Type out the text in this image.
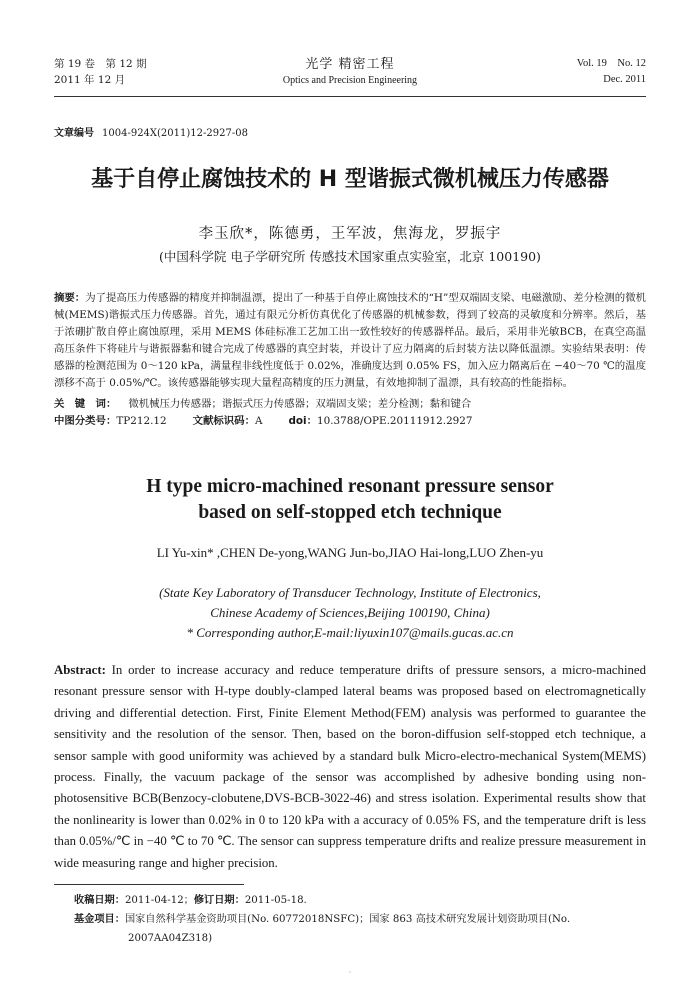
第 19 卷　第 12 期
2011 年 12 月
光学 精密工程
Optics and Precision Engineering
Vol. 19　No. 12
Dec. 2011
文章编号 1004-924X(2011)12-2927-08
基于自停止腐蚀技术的 H 型谐振式微机械压力传感器
李玉欣*，陈德勇，王军波，焦海龙，罗振宇
(中国科学院 电子学研究所 传感技术国家重点实验室，北京 100190)
摘要：为了提高压力传感器的精度并抑制温漂，提出了一种基于自停止腐蚀技术的“H”型双端固支梁、电磁激励、差分检测的微机械(MEMS)谐振式压力传感器。首先，通过有限元分析仿真优化了传感器的机械参数，得到了较高的灵敏度和分辨率。然后，基于浓硼扩散自停止腐蚀原理，采用 MEMS 体硅标准工艺加工出一致性较好的传感器样品。最后，采用非光敏BCB，在真空高温高压条件下将硅片与谐振器黏和键合完成了传感器的真空封装，并设计了应力隔离的后封装方法以降低温漂。实验结果表明：传感器的检测范围为 0～120 kPa，满量程非线性度低于 0.02%，准确度达到 0.05% FS，加入应力隔离后在 −40～70 ℃的温度漂移不高于 0.05%/℃。该传感器能够实现大量程高精度的压力测量，有效地抑制了温漂，具有较高的性能指标。
关　键　词： 微机械压力传感器；谐振式压力传感器；双端固支梁；差分检测；黏和键合
中图分类号：TP212.12	文献标识码：A	doi：10.3788/OPE.20111912.2927
H type micro-machined resonant pressure sensor
based on self-stopped etch technique
LI Yu-xin* ,CHEN De-yong,WANG Jun-bo,JIAO Hai-long,LUO Zhen-yu
(State Key Laboratory of Transducer Technology, Institute of Electronics,
Chinese Academy of Sciences,Beijing 100190, China)
* Corresponding author,E-mail:liyuxin107@mails.gucas.ac.cn
Abstract: In order to increase accuracy and reduce temperature drifts of pressure sensors, a micro-machined resonant pressure sensor with H-type doubly-clamped lateral beams was proposed based on electromagnetically driving and differential detection. First, Finite Element Method(FEM) analysis was performed to guarantee the sensitivity and the resolution of the sensor. Then, based on the boron-diffusion self-stopped etch technique, a sensor sample with good uniformity was achieved by a standard bulk Micro-electro-mechanical System(MEMS) process. Finally, the vacuum package of the sensor was accomplished by adhesive bonding using non-photosensitive BCB(Benzocy-clobutene,DVS-BCB-3022-46) and stress isolation. Experimental results show that the nonlinearity is lower than 0.02% in 0 to 120 kPa with a accuracy of 0.05% FS, and the temperature drift is less than 0.05%/℃ in −40 ℃ to 70 ℃. The sensor can suppress temperature drifts and realize pressure measurement in wide measuring range and higher precision.
收稿日期：2011-04-12；修订日期：2011-05-18.
基金项目：国家自然科学基金资助项目(No. 60772018NSFC)；国家 863 高技术研究发展计划资助项目(No.
2007AA04Z318)
·
